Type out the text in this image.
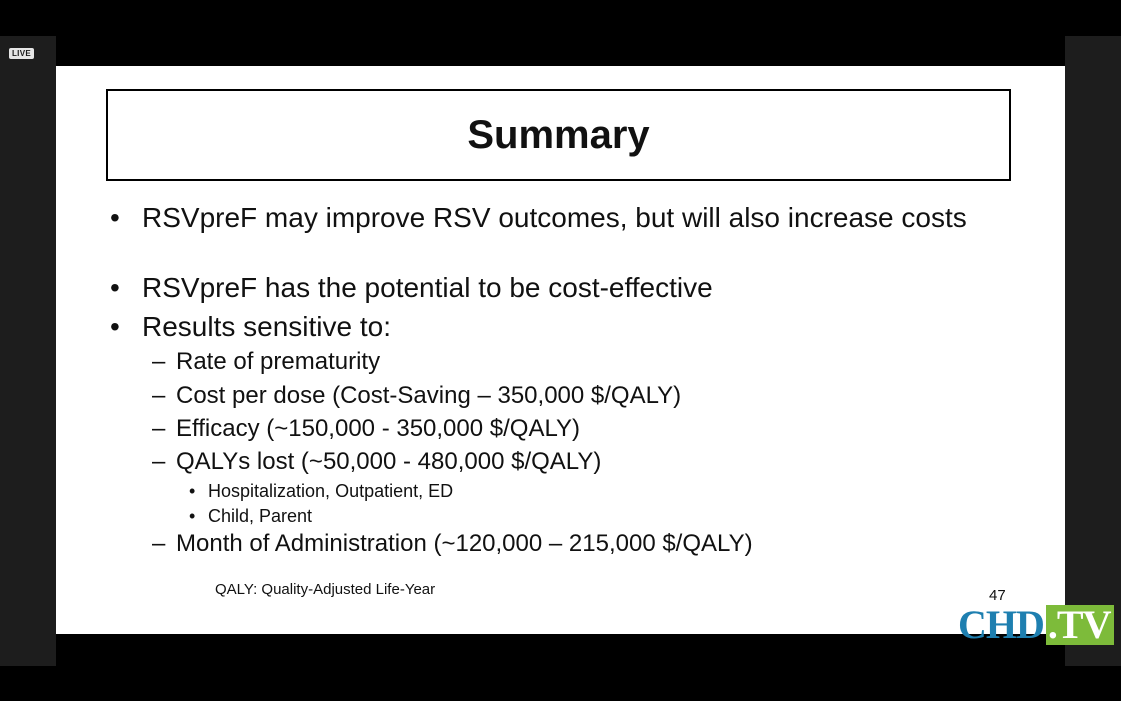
LIVE
Summary
• RSVpreF may improve RSV outcomes, but will also increase costs
• RSVpreF has the potential to be cost-effective
• Results sensitive to:
– Rate of prematurity
– Cost per dose (Cost-Saving – 350,000 $/QALY)
– Efficacy (~150,000 - 350,000 $/QALY)
– QALYs lost (~50,000 - 480,000 $/QALY)
• Hospitalization, Outpatient, ED
• Child, Parent
– Month of Administration (~120,000 – 215,000 $/QALY)
QALY: Quality-Adjusted Life-Year	47
CHD .TV
